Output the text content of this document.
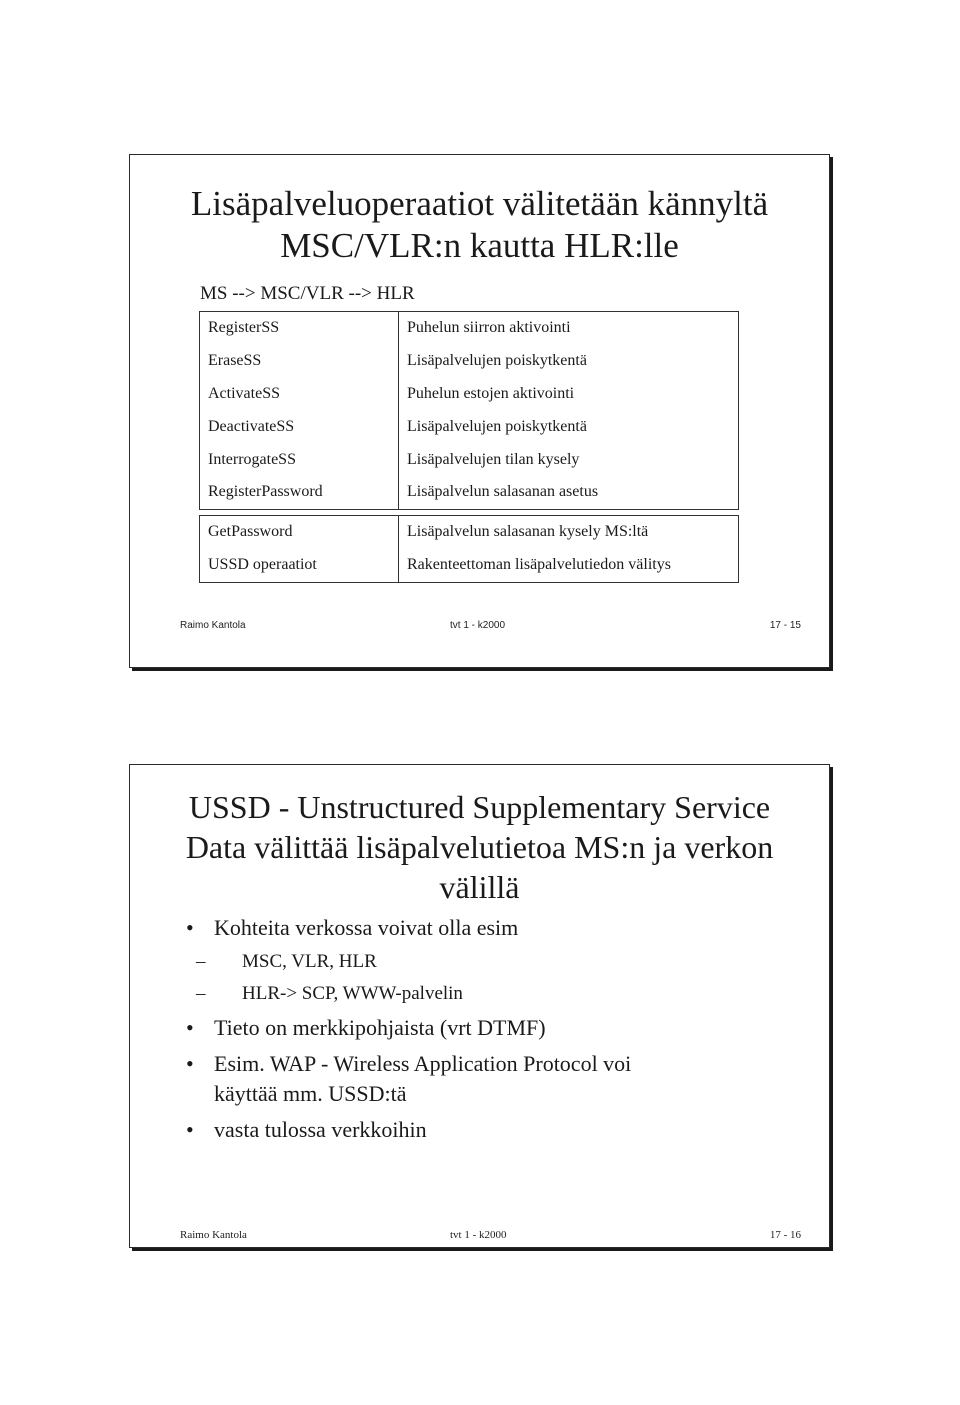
Lisäpalveluoperaatiot välitetään kännyltä
MSC/VLR:n kautta HLR:lle
MS --> MSC/VLR --> HLR
RegisterSS	Puhelun siirron aktivointi
EraseSS	Lisäpalvelujen poiskytkentä
ActivateSS	Puhelun estojen aktivointi
DeactivateSS	Lisäpalvelujen poiskytkentä
InterrogateSS	Lisäpalvelujen tilan kysely
RegisterPassword	Lisäpalvelun salasanan asetus
GetPassword	Lisäpalvelun salasanan kysely MS:ltä
USSD operaatiot	Rakenteettoman lisäpalvelutiedon välitys
Raimo Kantola	tvt 1 - k2000	17 - 15
USSD - Unstructured Supplementary Service
Data välittää lisäpalvelutietoa MS:n ja verkon
välillä
• Kohteita verkossa voivat olla esim
– MSC, VLR, HLR
– HLR-> SCP, WWW-palvelin
• Tieto on merkkipohjaista (vrt DTMF)
• Esim. WAP - Wireless Application Protocol voi
käyttää mm. USSD:tä
• vasta tulossa verkkoihin
Raimo Kantola	tvt 1 - k2000	17 - 16
